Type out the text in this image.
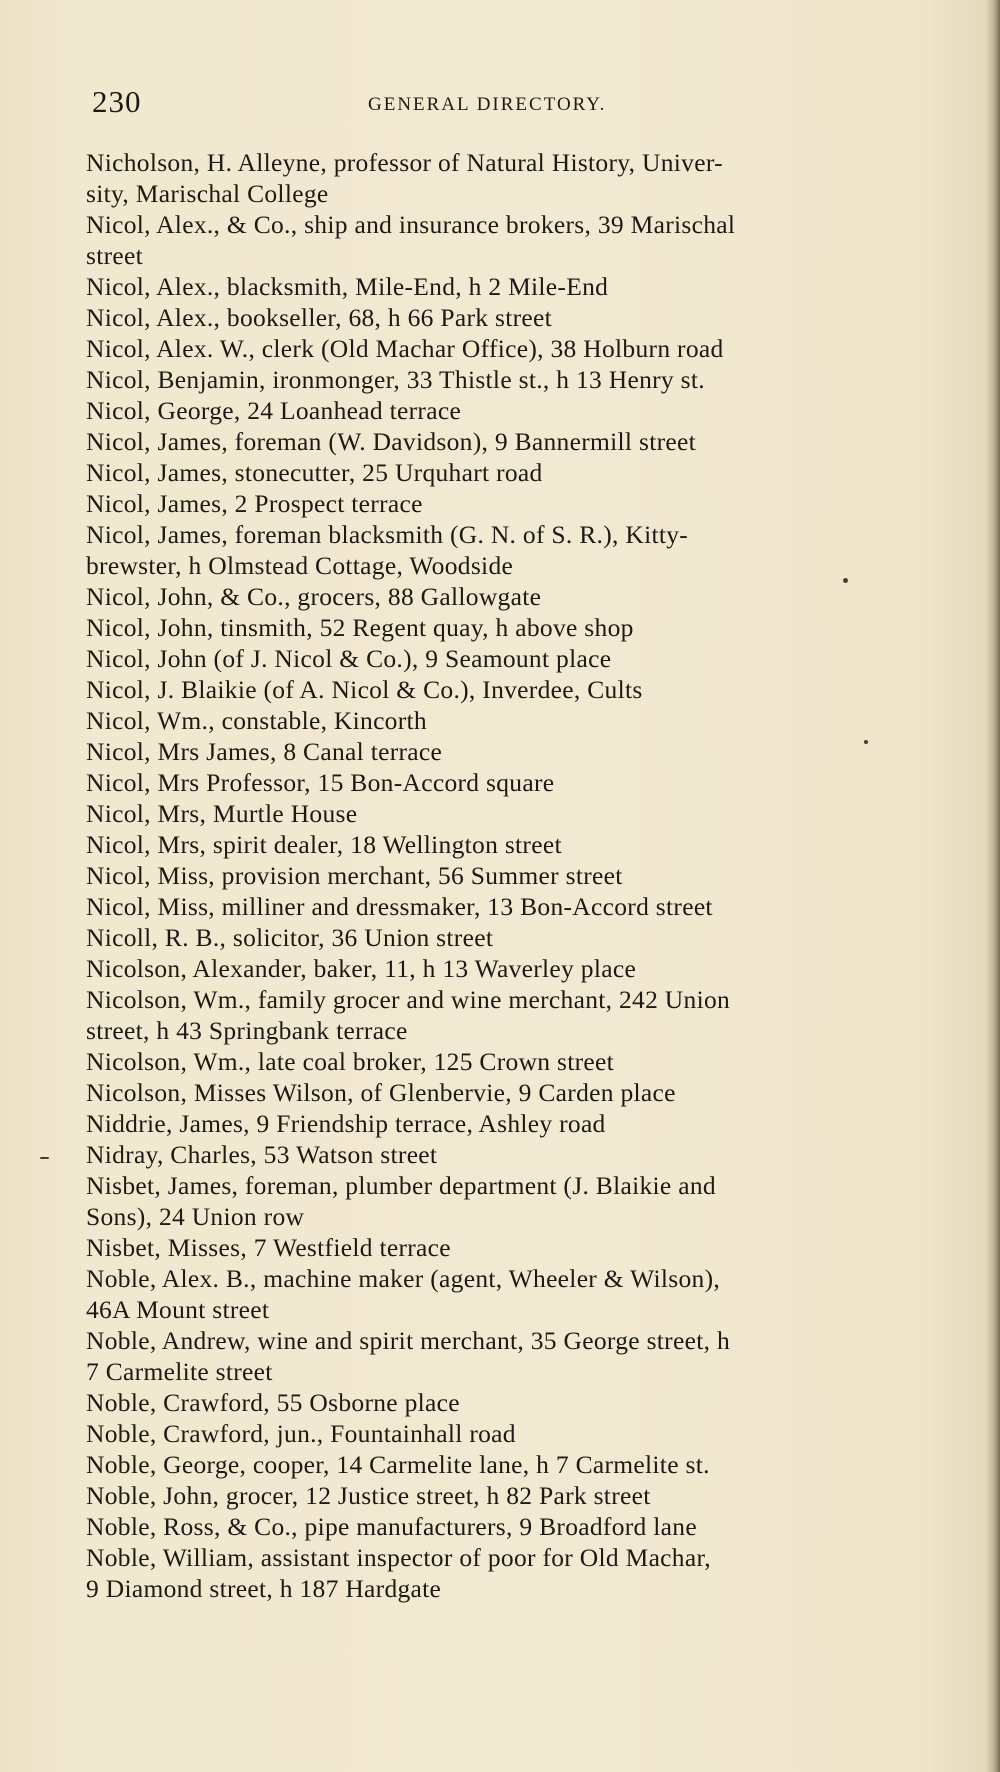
230	GENERAL DIRECTORY.
Nicholson, H. Alleyne, professor of Natural History, Univer-
sity, Marischal College
Nicol, Alex., & Co., ship and insurance brokers, 39 Marischal
street
Nicol, Alex., blacksmith, Mile-End, h 2 Mile-End
Nicol, Alex., bookseller, 68, h 66 Park street
Nicol, Alex. W., clerk (Old Machar Office), 38 Holburn road
Nicol, Benjamin, ironmonger, 33 Thistle st., h 13 Henry st.
Nicol, George, 24 Loanhead terrace
Nicol, James, foreman (W. Davidson), 9 Bannermill street
Nicol, James, stonecutter, 25 Urquhart road
Nicol, James, 2 Prospect terrace
Nicol, James, foreman blacksmith (G. N. of S. R.), Kitty-
brewster, h Olmstead Cottage, Woodside
Nicol, John, & Co., grocers, 88 Gallowgate
Nicol, John, tinsmith, 52 Regent quay, h above shop
Nicol, John (of J. Nicol & Co.), 9 Seamount place
Nicol, J. Blaikie (of A. Nicol & Co.), Inverdee, Cults
Nicol, Wm., constable, Kincorth
Nicol, Mrs James, 8 Canal terrace
Nicol, Mrs Professor, 15 Bon-Accord square
Nicol, Mrs, Murtle House
Nicol, Mrs, spirit dealer, 18 Wellington street
Nicol, Miss, provision merchant, 56 Summer street
Nicol, Miss, milliner and dressmaker, 13 Bon-Accord street
Nicoll, R. B., solicitor, 36 Union street
Nicolson, Alexander, baker, 11, h 13 Waverley place
Nicolson, Wm., family grocer and wine merchant, 242 Union
street, h 43 Springbank terrace
Nicolson, Wm., late coal broker, 125 Crown street
Nicolson, Misses Wilson, of Glenbervie, 9 Carden place
Niddrie, James, 9 Friendship terrace, Ashley road
Nidray, Charles, 53 Watson street
Nisbet, James, foreman, plumber department (J. Blaikie and
Sons), 24 Union row
Nisbet, Misses, 7 Westfield terrace
Noble, Alex. B., machine maker (agent, Wheeler & Wilson),
46A Mount street
Noble, Andrew, wine and spirit merchant, 35 George street, h
7 Carmelite street
Noble, Crawford, 55 Osborne place
Noble, Crawford, jun., Fountainhall road
Noble, George, cooper, 14 Carmelite lane, h 7 Carmelite st.
Noble, John, grocer, 12 Justice street, h 82 Park street
Noble, Ross, & Co., pipe manufacturers, 9 Broadford lane
Noble, William, assistant inspector of poor for Old Machar,
9 Diamond street, h 187 Hardgate
